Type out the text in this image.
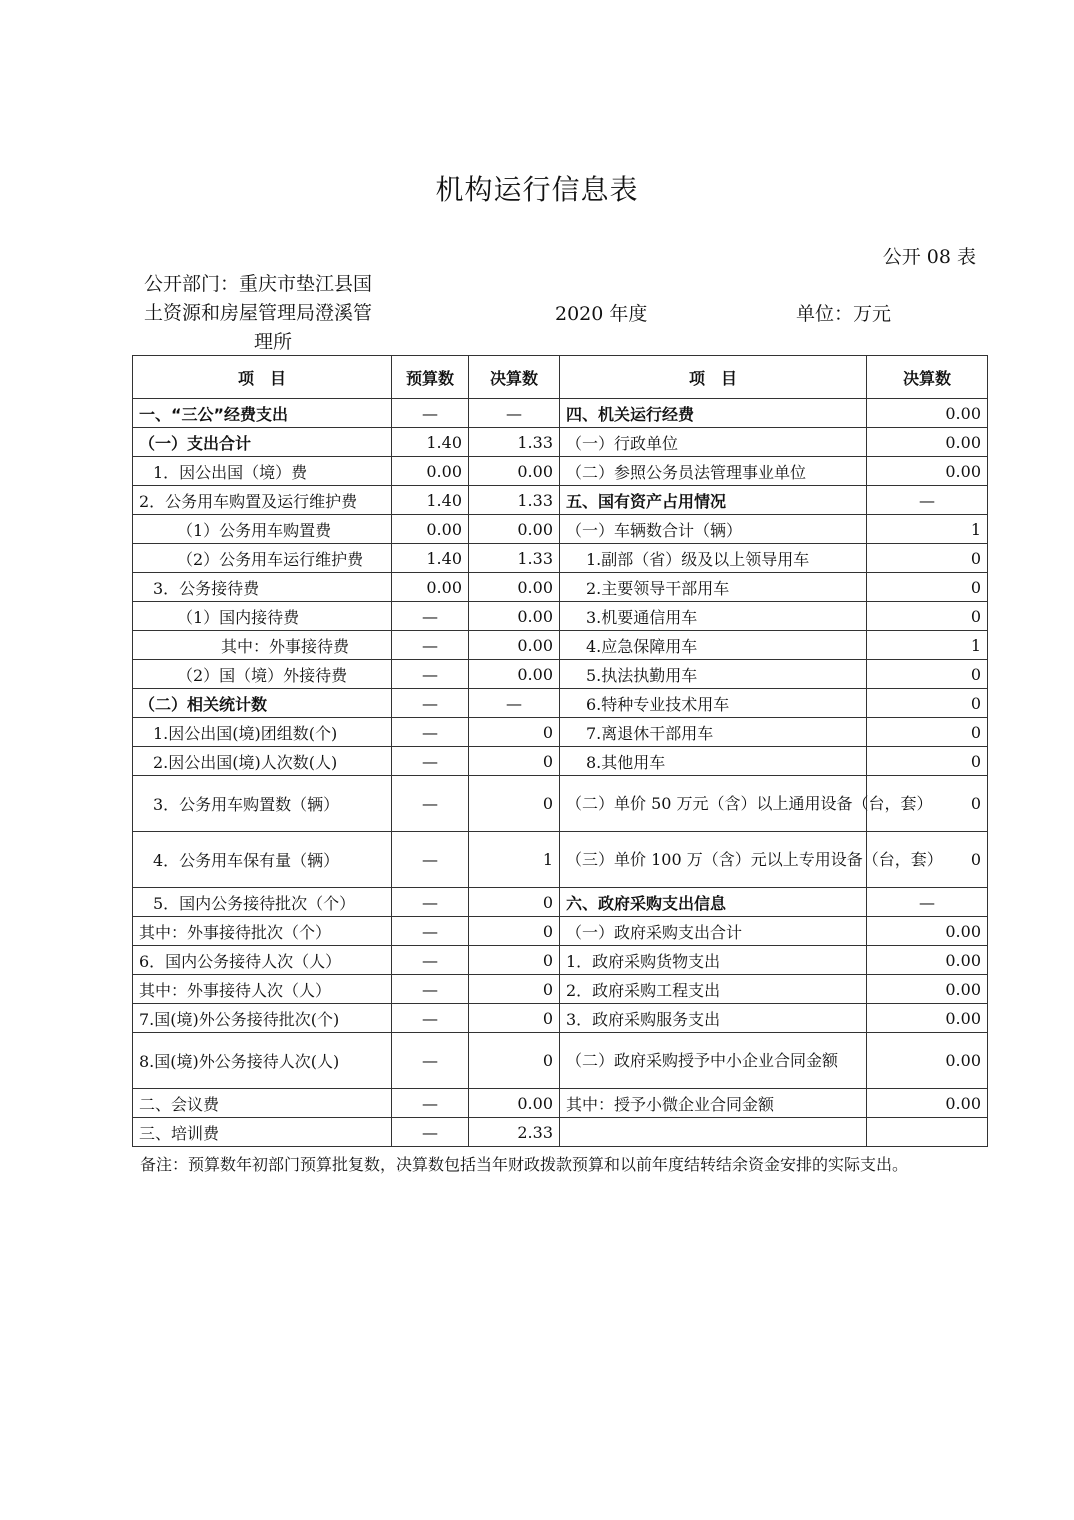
机构运行信息表
公开 08 表
公开部门：重庆市垫江县国
土资源和房屋管理局澄溪管
理所
2020 年度	单位：万元
项　目	预算数	决算数	项　目	决算数
一、“三公”经费支出	—	—	四、机关运行经费	0.00
（一）支出合计	1.40	1.33	（一）行政单位	0.00
1．因公出国（境）费	0.00	0.00	（二）参照公务员法管理事业单位	0.00
2．公务用车购置及运行维护费	1.40	1.33	五、国有资产占用情况	—
（1）公务用车购置费	0.00	0.00	（一）车辆数合计（辆）	1
（2）公务用车运行维护费	1.40	1.33	1.副部（省）级及以上领导用车	0
3．公务接待费	0.00	0.00	2.主要领导干部用车	0
（1）国内接待费	—	0.00	3.机要通信用车	0
其中：外事接待费	—	0.00	4.应急保障用车	1
（2）国（境）外接待费	—	0.00	5.执法执勤用车	0
（二）相关统计数	—	—	6.特种专业技术用车	0
1.因公出国(境)团组数(个)	—	0	7.离退休干部用车	0
2.因公出国(境)人次数(人)	—	0	8.其他用车	0
3．公务用车购置数（辆）	—	0	（二）单价 50 万元（含）以上通用设备（台，套）	0
4．公务用车保有量（辆）	—	1	（三）单价 100 万（含）元以上专用设备（台，套）	0
5．国内公务接待批次（个）	—	0	六、政府采购支出信息	—
其中：外事接待批次（个）	—	0	（一）政府采购支出合计	0.00
6．国内公务接待人次（人）	—	0	1．政府采购货物支出	0.00
其中：外事接待人次（人）	—	0	2．政府采购工程支出	0.00
7.国(境)外公务接待批次(个)	—	0	3．政府采购服务支出	0.00
8.国(境)外公务接待人次(人)	—	0	（二）政府采购授予中小企业合同金额	0.00
二、会议费	—	0.00	其中：授予小微企业合同金额	0.00
三、培训费	—	2.33		
备注：预算数年初部门预算批复数，决算数包括当年财政拨款预算和以前年度结转结余资金安排的实际支出。
